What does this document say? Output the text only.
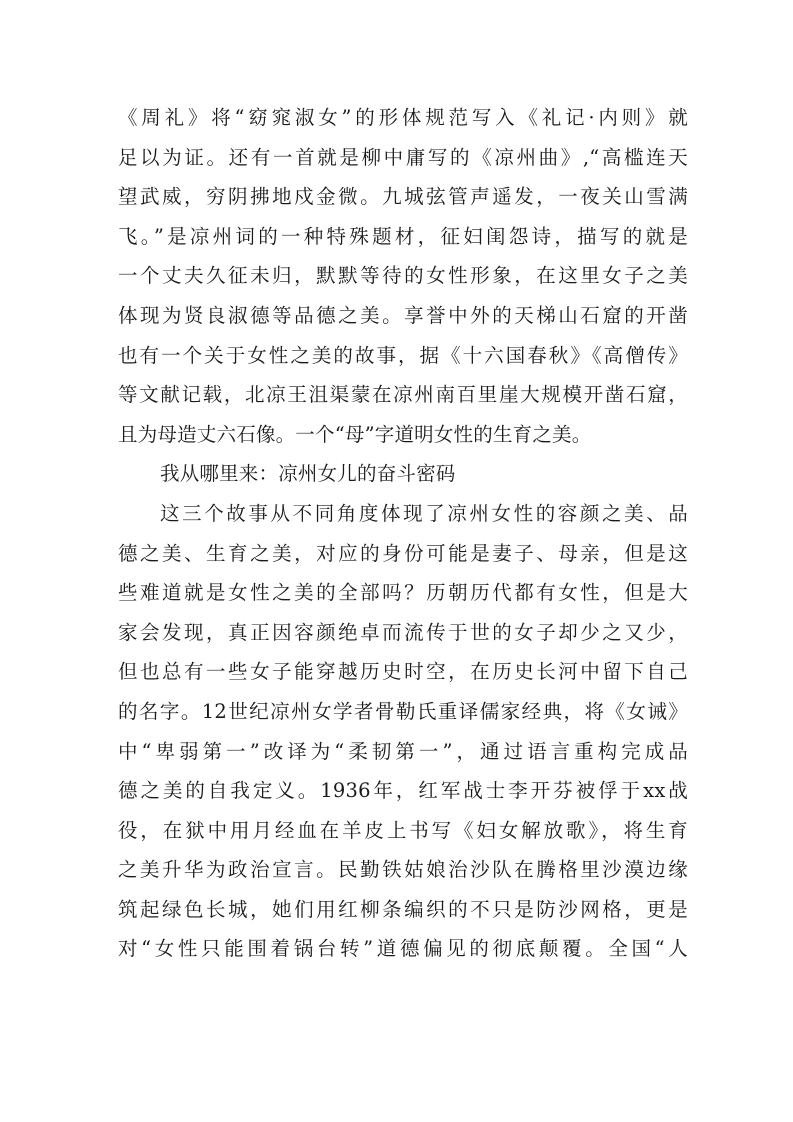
《周礼》将“窈窕淑女”的形体规范写入《礼记·内则》就
足以为证。还有一首就是柳中庸写的《凉州曲》,“高槛连天
望武威，穷阴拂地戍金微。九城弦管声遥发，一夜关山雪满
飞。”是凉州词的一种特殊题材，征妇闺怨诗，描写的就是
一个丈夫久征未归，默默等待的女性形象，在这里女子之美
体现为贤良淑德等品德之美。享誉中外的天梯山石窟的开凿
也有一个关于女性之美的故事，据《十六国春秋》《高僧传》
等文献记载，北凉王沮渠蒙在凉州南百里崖大规模开凿石窟，
且为母造丈六石像。一个“母”字道明女性的生育之美。
我从哪里来：凉州女儿的奋斗密码
这三个故事从不同角度体现了凉州女性的容颜之美、品
德之美、生育之美，对应的身份可能是妻子、母亲，但是这
些难道就是女性之美的全部吗？历朝历代都有女性，但是大
家会发现，真正因容颜绝卓而流传于世的女子却少之又少，
但也总有一些女子能穿越历史时空，在历史长河中留下自己
的名字。12世纪凉州女学者骨勒氏重译儒家经典，将《女诫》
中“卑弱第一”改译为“柔韧第一”，通过语言重构完成品
德之美的自我定义。1936年，红军战士李开芬被俘于xx战
役，在狱中用月经血在羊皮上书写《妇女解放歌》，将生育
之美升华为政治宣言。民勤铁姑娘治沙队在腾格里沙漠边缘
筑起绿色长城，她们用红柳条编织的不只是防沙网格，更是
对“女性只能围着锅台转”道德偏见的彻底颠覆。全国“人
